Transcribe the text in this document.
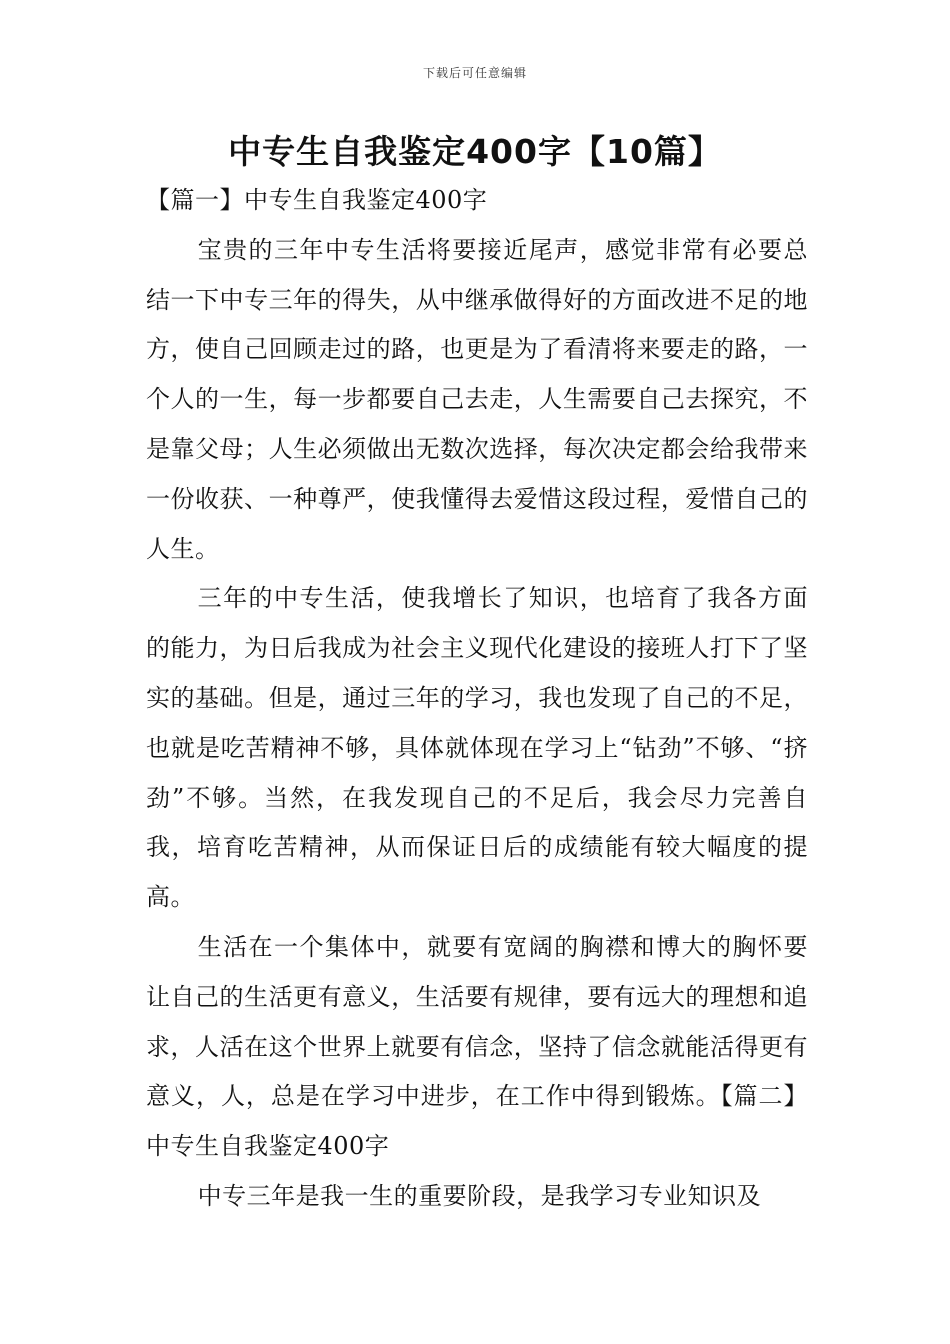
下载后可任意编辑
中专生自我鉴定400字【10篇】
【篇一】中专生自我鉴定400字

宝贵的三年中专生活将要接近尾声，感觉非常有必要总结一下中专三年的得失，从中继承做得好的方面改进不足的地方，使自己回顾走过的路，也更是为了看清将来要走的路，一个人的一生，每一步都要自己去走，人生需要自己去探究，不是靠父母；人生必须做出无数次选择，每次决定都会给我带来一份收获、一种尊严，使我懂得去爱惜这段过程，爱惜自己的人生。

三年的中专生活，使我增长了知识，也培育了我各方面的能力，为日后我成为社会主义现代化建设的接班人打下了坚实的基础。但是，通过三年的学习，我也发现了自己的不足，也就是吃苦精神不够，具体就体现在学习上“钻劲”不够、“挤劲”不够。当然，在我发现自己的不足后，我会尽力完善自我，培育吃苦精神，从而保证日后的成绩能有较大幅度的提高。

生活在一个集体中，就要有宽阔的胸襟和博大的胸怀要让自己的生活更有意义，生活要有规律，要有远大的理想和追求，人活在这个世界上就要有信念，坚持了信念就能活得更有意义，人，总是在学习中进步，在工作中得到锻炼。【篇二】中专生自我鉴定400字

中专三年是我一生的重要阶段，是我学习专业知识及
